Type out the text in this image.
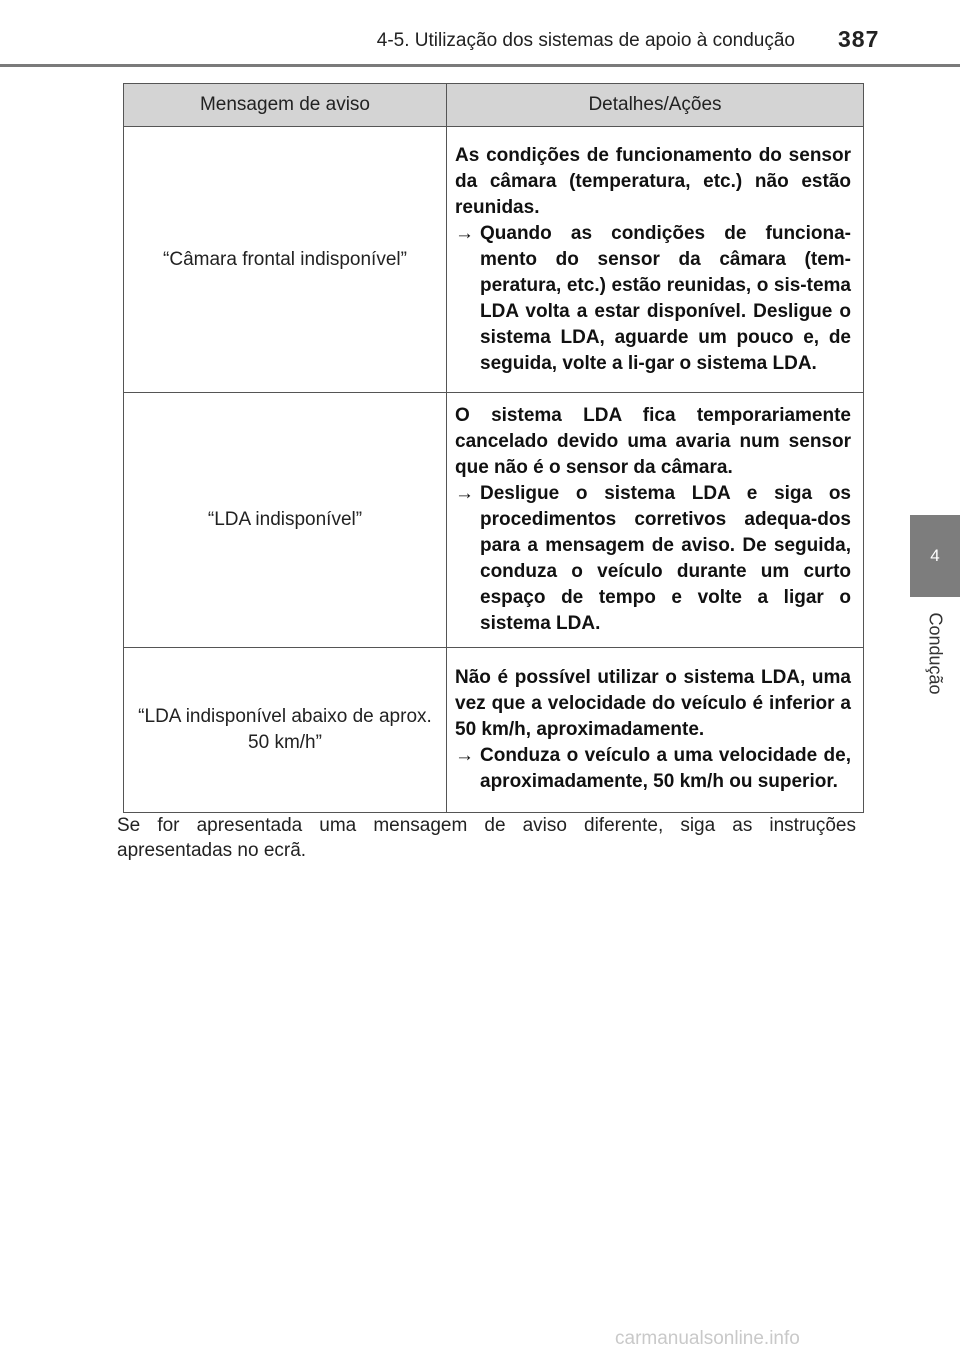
4-5. Utilização dos sistemas de apoio à condução 387
4
Condução
Mensagem de aviso	Detalhes/Ações
“Câmara frontal indisponível”	As condições de funcionamento do sensor da câmara (temperatura, etc.) não estão reunidas.
→ Quando as condições de funciona-mento do sensor da câmara (tem-peratura, etc.) estão reunidas, o sis-tema LDA volta a estar disponível. Desligue o sistema LDA, aguarde um pouco e, de seguida, volte a li-gar o sistema LDA.

“LDA indisponível”	O sistema LDA fica temporariamente cancelado devido uma avaria num sensor que não é o sensor da câmara.
→ Desligue o sistema LDA e siga os procedimentos corretivos adequa-dos para a mensagem de aviso. De seguida, conduza o veículo durante um curto espaço de tempo e volte a ligar o sistema LDA.

“LDA indisponível abaixo de aprox. 50 km/h”	Não é possível utilizar o sistema LDA, uma vez que a velocidade do veículo é inferior a 50 km/h, aproximadamente.
→ Conduza o veículo a uma velocidade de, aproximadamente, 50 km/h ou superior.
Se for apresentada uma mensagem de aviso diferente, siga as instruções apresentadas no ecrã.
carmanualsonline.info
